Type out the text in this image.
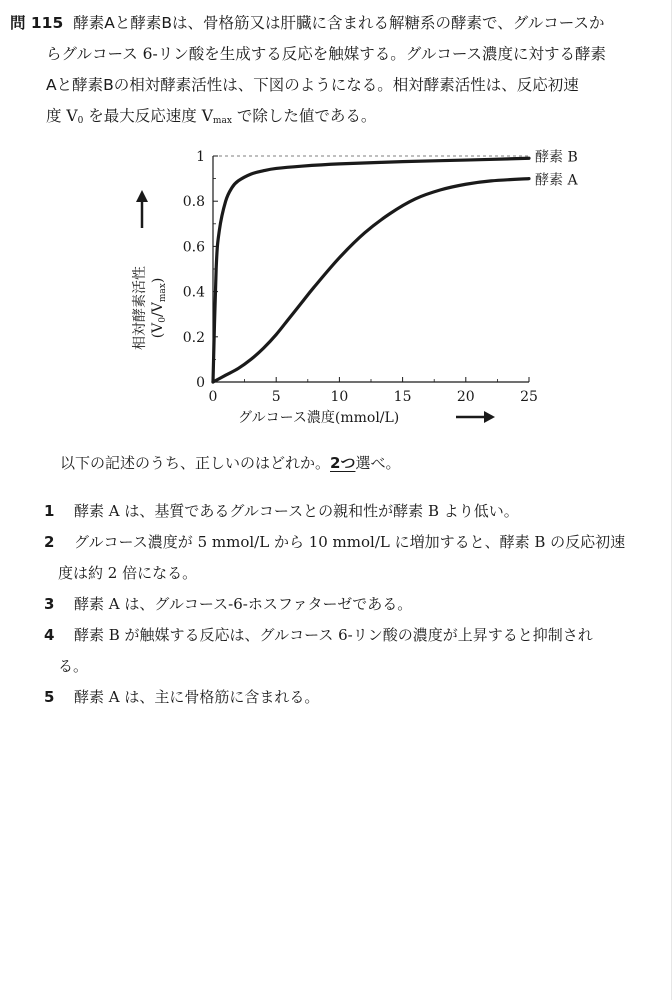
問 115 酵素Aと酵素Bは、骨格筋又は肝臓に含まれる解糖系の酵素で、グルコースか
らグルコース 6-リン酸を生成する反応を触媒する。グルコース濃度に対する酵素
Aと酵素Bの相対酵素活性は、下図のようになる。相対酵素活性は、反応初速
度 $V_0$ を最大反応速度 $V_{max}$ で除した値である。
0	5	10	15	20	25
0
0.2
0.4
0.6
0.8
1	酵素 B
酵素 A
グルコース濃度(mmol/L)
相対酵素活性 $(V_0/V_{max})$
以下の記述のうち、正しいのはどれか。2つ選べ。
1 酵素 A は、基質であるグルコースとの親和性が酵素 B より低い。
2 グルコース濃度が 5 mmol/L から 10 mmol/L に増加すると、酵素 B の反応初速
度は約 2 倍になる。
3 酵素 A は、グルコース-6-ホスファターゼである。
4 酵素 B が触媒する反応は、グルコース 6-リン酸の濃度が上昇すると抑制され
る。
5 酵素 A は、主に骨格筋に含まれる。
